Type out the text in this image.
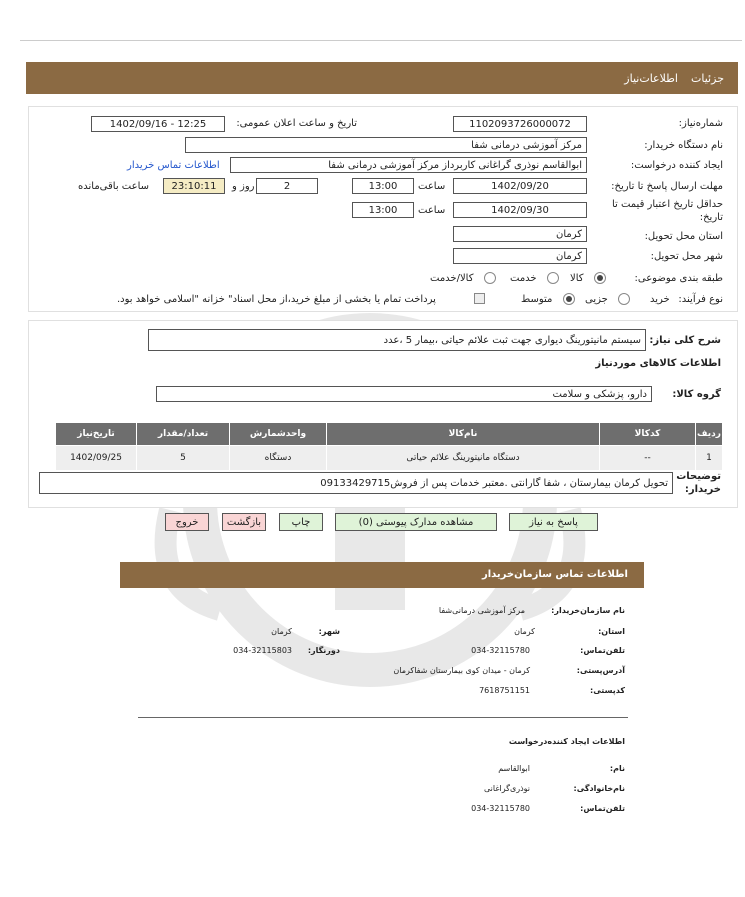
جزئیات
اطلاعات‌نیاز
شماره‌نیاز:
1102093726000072
تاریخ و ساعت اعلان عمومی:
1402/09/16 - 12:25
نام دستگاه خریدار:
مرکز آموزشی درمانی شفا
ایجاد کننده درخواست:
ابوالقاسم نوذری گراغانی کاربرداز مرکز آموزشی درمانی شفا
اطلاعات تماس خریدار
مهلت ارسال پاسخ تا تاریخ:
1402/09/20
ساعت
13:00
2
روز و
23:10:11
ساعت باقی‌مانده
حداقل تاریخ اعتبار قیمت تا تاریخ:
1402/09/30
ساعت
13:00
استان محل تحویل:
کرمان
شهر محل تحویل:
کرمان
طبقه بندی موضوعی:
کالا
خدمت
کالا/خدمت
نوع فرآیند:
خرید
جزیی
متوسط
پرداخت تمام یا بخشی از مبلغ خرید،از محل اسناد" خزانه "اسلامی خواهد بود.
شرح کلی نیاز:
سیستم مانیتورینگ دیواری جهت ثبت علائم حیاتی ،بیمار 5 ،عدد
اطلاعات کالاهای موردنیاز
گروه کالا:
دارو، پزشکی و سلامت
ردیف	کدکالا	نام‌کالا	واحدشمارش	تعداد/مقدار	تاریخ‌نیاز
1	--	دستگاه مانیتورینگ علائم حیاتی	دستگاه	5	1402/09/25
توضیحات خریدار:
تحویل کرمان بیمارستان ، شفا گارانتی .معتبر خدمات پس از فروش09133429715
پاسخ به نیاز
مشاهده مدارک پیوستی (0)
چاپ
بازگشت
خروج
اطلاعات تماس سازمان‌خریدار
نام سازمان‌خریدار:
مرکز آموزشی درمانی‌شفا
استان:
کرمان
شهر:
کرمان
تلفن‌تماس:
034-32115780
دورنگار:
034-32115803
آدرس‌پستی:
کرمان - میدان کوی بیمارستان شفاکرمان
کد‌پستی:
7618751151
اطلاعات ایجاد کننده‌درخواست
نام:
ابوالقاسم
نام‌خانوادگی:
نوذری‌گراغانی
تلفن‌تماس:
034-32115780
